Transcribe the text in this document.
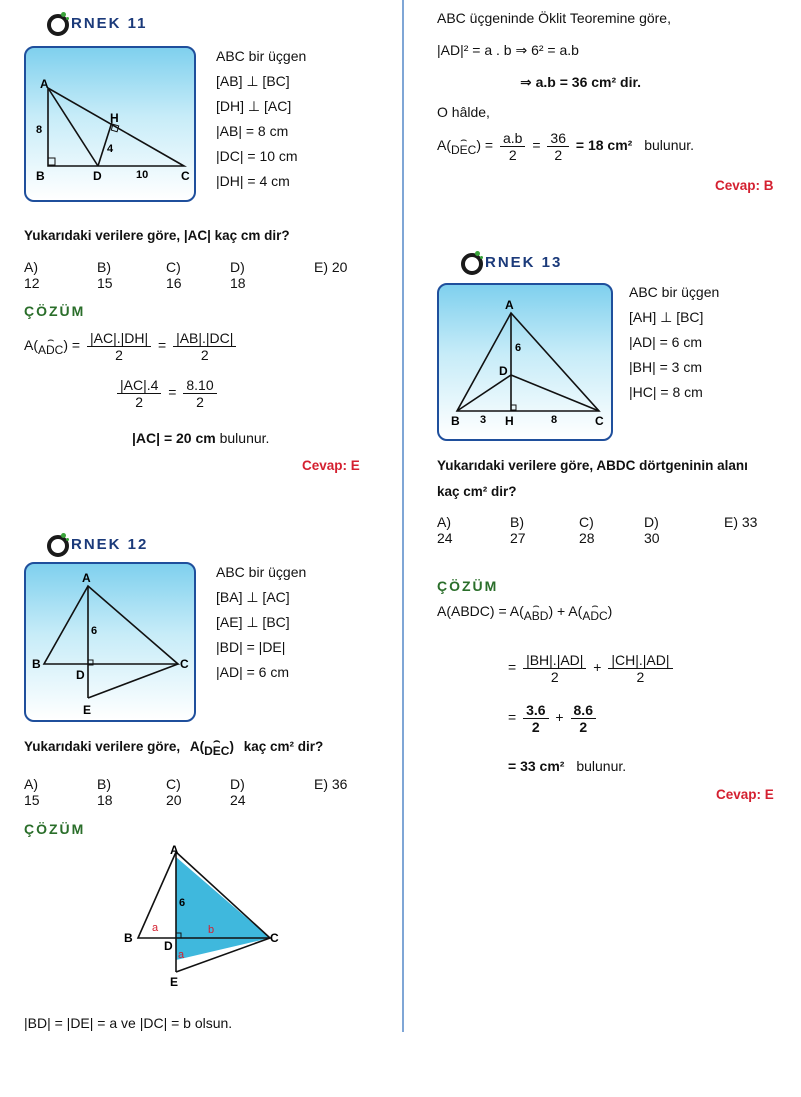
RNEK 11
A
B	D	C
H
8
4
10
ABC bir üçgen
[AB] ⊥ [BC]
[DH] ⊥ [AC]
|AB| = 8 cm
|DC| = 10 cm
|DH| = 4 cm
Yukarıdaki verilere göre, |AC| kaç cm dir?
A) 12
B) 15
C) 16
D) 18
E) 20
ÇÖZÜM
A(
⌢
$ADC) = \frac{|AC|.|DH|}{2} = \frac{|AB|.|DC|}{2}$
$\frac{|AC|.4}{2} = \frac{8.10}{2}$
|AC| = 20 cm bulunur.
Cevap: E
RNEK 12
A
B	C
D
E
6
ABC bir üçgen
[BA] ⊥ [AC]
[AE] ⊥ [BC]
|BD| = |DE|
|AD| = 6 cm
Yukarıdaki verilere göre, A(
⌢
DEC) kaç cm² dir?
A) 15
B) 18
C) 20
D) 24
E) 36
ÇÖZÜM
A
B	C
D
E
6
a	b
a
|BD| = |DE| = a ve |DC| = b olsun.
ABC üçgeninde Öklit Teoremine göre,
|AD|² = a . b ⇒ 6² = a.b
⇒ a.b = 36 cm² dir.
O hâlde,
A(
⌢
$DEC) = \frac{a.b}{2} = \frac{36}{2} = 18$ cm² bulunur.
Cevap: B
RNEK 13
A
B	H	C
D
6
3	8
ABC bir üçgen
[AH] ⊥ [BC]
|AD| = 6 cm
|BH| = 3 cm
|HC| = 8 cm
Yukarıdaki verilere göre, ABDC dörtgeninin alanı
kaç cm² dir?
A) 24
B) 27
C) 28
D) 30
E) 33
ÇÖZÜM
A(ABDC) = A(
⌢
ABD) + A(
⌢
ADC)
= $\frac{|BH|.|AD|}{2} + \frac{|CH|.|AD|}{2}$
= $\frac{3.6}{2} + \frac{8.6}{2}$
= 33 cm² bulunur.
Cevap: E
